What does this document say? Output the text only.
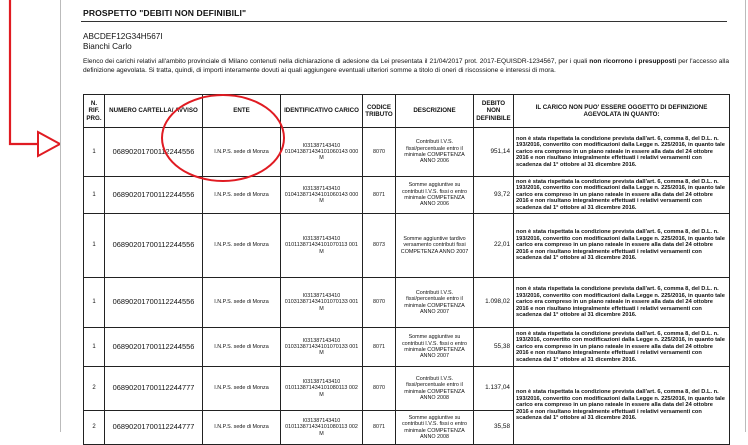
PROSPETTO "DEBITI NON DEFINIBILI"
ABCDEF12G34H567I
Bianchi Carlo
Elenco dei carichi relativi all'ambito provinciale di Milano contenuti nella dichiarazione di adesione da Lei presentata il 21/04/2017 prot. 2017-EQUISDR-1234567, per i quali non ricorrono i presupposti per l'accesso alla definizione agevolata. Si tratta, quindi, di importi interamente dovuti ai quali aggiungere eventuali ulteriori somme a titolo di oneri di riscossione e interessi di mora.
N. RIF. PRG.	NUMERO CARTELLA/ AVVISO	ENTE	IDENTIFICATIVO CARICO	CODICE TRIBUTO	DESCRIZIONE	DEBITO NON DEFINIBILE	IL CARICO NON PUO' ESSERE OGGETTO DI DEFINIZIONE AGEVOLATA IN QUANTO:
1	06890201700112244556	I.N.P.S. sede di Monza	I031387143410 010413871434101060143 000 M	8070	Contributi I.V.S. fissi/percentuale entro il minimale COMPETENZA ANNO 2006	951,14	non è stata rispettata la condizione prevista dall'art. 6, comma 8, del D.L. n. 193/2016, convertito con modificazioni dalla Legge n. 225/2016, in quanto tale carico era compreso in un piano rateale in essere alla data del 24 ottobre 2016 e non risultano integralmente effettuati i relativi versamenti con scadenza dal 1° ottobre al 31 dicembre 2016.
1	06890201700112244556	I.N.P.S. sede di Monza	I031387143410 010413871434101060143 000 M	8071	Somme aggiuntive su contributi I.V.S. fissi o entro minimale COMPETENZA ANNO 2006	93,72	non è stata rispettata la condizione prevista dall'art. 6, comma 8, del D.L. n. 193/2016, convertito con modificazioni dalla Legge n. 225/2016, in quanto tale carico era compreso in un piano rateale in essere alla data del 24 ottobre 2016 e non risultano integralmente effettuati i relativi versamenti con scadenza dal 1° ottobre al 31 dicembre 2016.
1	06890201700112244556	I.N.P.S. sede di Monza	I031387143410 010113871434101070113 001 M	8073	Somme aggiuntive tardivo versamento contributi fissi COMPETENZA ANNO 2007	22,01	non è stata rispettata la condizione prevista dall'art. 6, comma 8, del D.L. n. 193/2016, convertito con modificazioni dalla Legge n. 225/2016, in quanto tale carico era compreso in un piano rateale in essere alla data del 24 ottobre 2016 e non risultano integralmente effettuati i relativi versamenti con scadenza dal 1° ottobre al 31 dicembre 2016.
1	06890201700112244556	I.N.P.S. sede di Monza	I031387143410 010313871434101070133 001 M	8070	Contributi I.V.S. fissi/percentuale entro il minimale COMPETENZA ANNO 2007	1.098,02	non è stata rispettata la condizione prevista dall'art. 6, comma 8, del D.L. n. 193/2016, convertito con modificazioni dalla Legge n. 225/2016, in quanto tale carico era compreso in un piano rateale in essere alla data del 24 ottobre 2016 e non risultano integralmente effettuati i relativi versamenti con scadenza dal 1° ottobre al 31 dicembre 2016.
1	06890201700112244556	I.N.P.S. sede di Monza	I031387143410 010313871434101070133 001 M	8071	Somme aggiuntive su contributi I.V.S. fissi o entro minimale COMPETENZA ANNO 2007	55,38	non è stata rispettata la condizione prevista dall'art. 6, comma 8, del D.L. n. 193/2016, convertito con modificazioni dalla Legge n. 225/2016, in quanto tale carico era compreso in un piano rateale in essere alla data del 24 ottobre 2016 e non risultano integralmente effettuati i relativi versamenti con scadenza dal 1° ottobre al 31 dicembre 2016.
2	06890201700112244777	I.N.P.S. sede di Monza	I031387143410 010113871434101080113 002 M	8070	Contributi I.V.S. fissi/percentuale entro il minimale COMPETENZA ANNO 2008	1.137,04	non è stata rispettata la condizione prevista dall'art. 6, comma 8, del D.L. n. 193/2016, convertito con modificazioni dalla Legge n. 225/2016, in quanto tale carico era compreso in un piano rateale in essere alla data del 24 ottobre 2016 e non risultano integralmente effettuati i relativi versamenti con scadenza dal 1° ottobre al 31 dicembre 2016.
2	06890201700112244777	I.N.P.S. sede di Monza	I031387143410 010113871434101080113 002 M	8071	Somme aggiuntive su contributi I.V.S. fissi o entro minimale COMPETENZA ANNO 2008	35,58	
